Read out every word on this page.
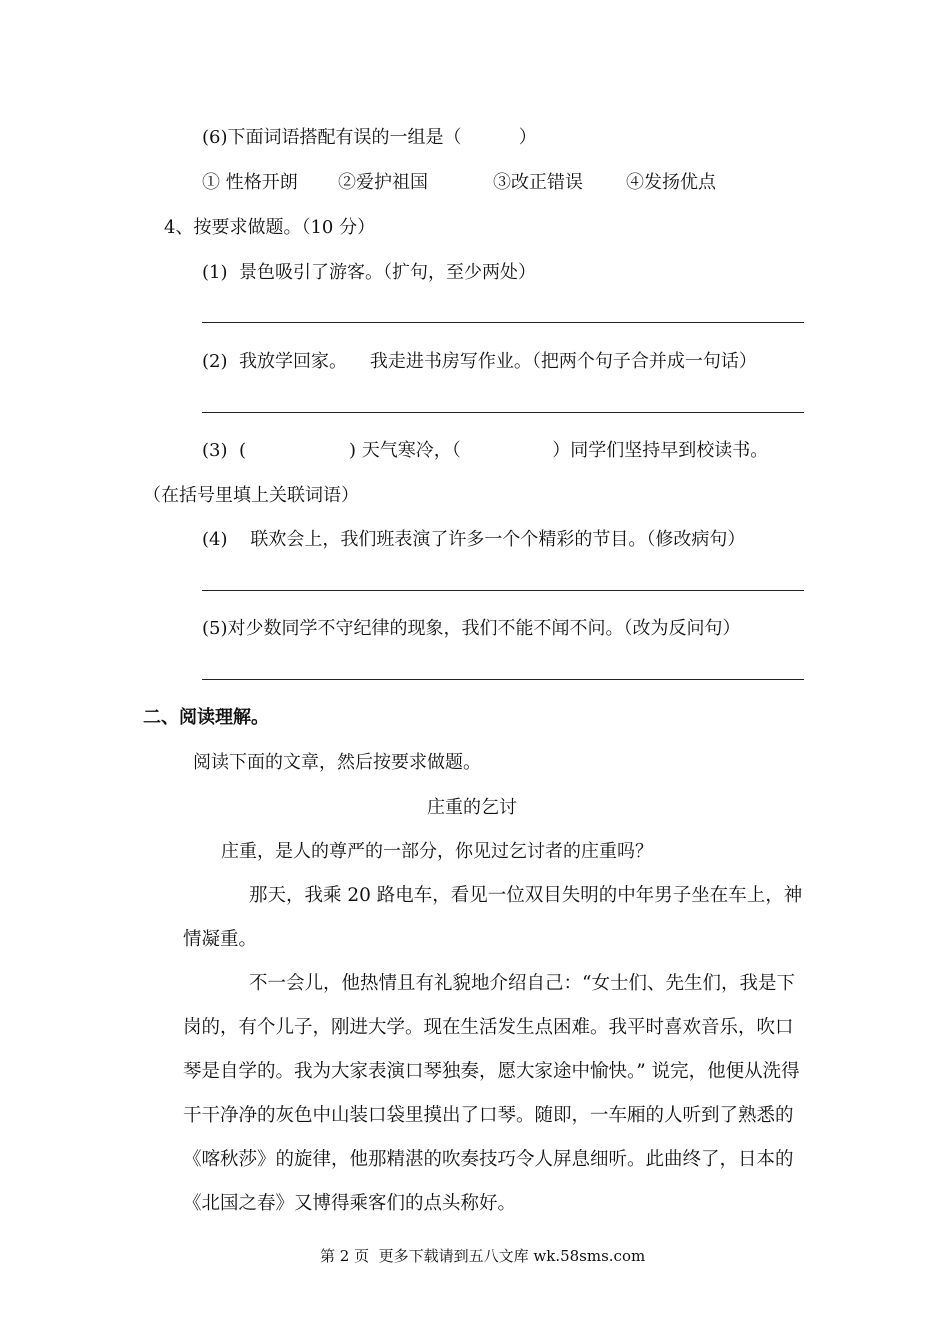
(6)下面词语搭配有误的一组是（          ）
① 性格开朗 ②爱护祖国	③改正错误 ④发扬优点
4、按要求做题。（10 分）
(1)  景色吸引了游客。（扩句，至少两处）
(2)  我放学回家。    我走进书房写作业。（把两个句子合并成一句话）
(3)  (                  ) 天气寒冷，（                ）同学们坚持早到校读书。
（在括号里填上关联词语）
(4)    联欢会上，我们班表演了许多一个个精彩的节目。（修改病句）
(5)对少数同学不守纪律的现象，我们不能不闻不问。（改为反问句）
二、阅读理解。
阅读下面的文章，然后按要求做题。
庄重的乞讨
庄重，是人的尊严的一部分，你见过乞讨者的庄重吗？
那天，我乘 20 路电车，看见一位双目失明的中年男子坐在车上，神情凝重。
不一会儿，他热情且有礼貌地介绍自己：“女士们、先生们，我是下岗的，有个儿子，刚进大学。现在生活发生点困难。我平时喜欢音乐，吹口琴是自学的。我为大家表演口琴独奏，愿大家途中愉快。” 说完，他便从洗得干干净净的灰色中山装口袋里摸出了口琴。随即，一车厢的人听到了熟悉的《喀秋莎》的旋律，他那精湛的吹奏技巧令人屏息细听。此曲终了，日本的《北国之春》又博得乘客们的点头称好。
第 2 页  更多下载请到五八文库 wk.58sms.com
